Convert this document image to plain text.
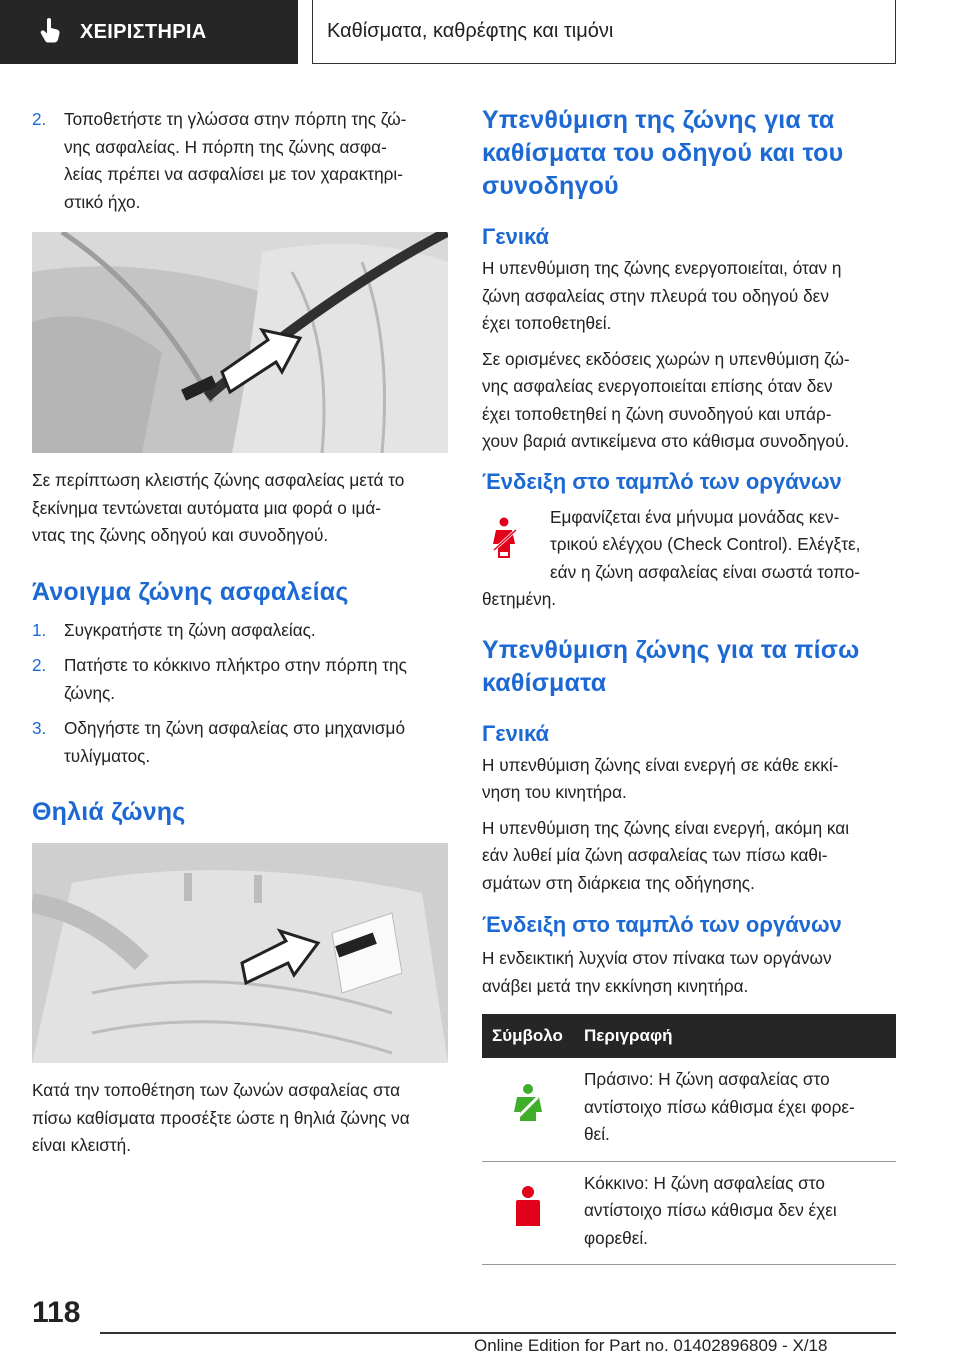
ΧΕΙΡΙΣΤΗΡΙΑ	Καθίσματα, καθρέφτης και τιμόνι
2.	Τοποθετήστε τη γλώσσα στην πόρπη της ζώ-
νης ασφαλείας. Η πόρπη της ζώνης ασφα-
λείας πρέπει να ασφαλίσει με τον χαρακτηρι-
στικό ήχο.

Σε περίπτωση κλειστής ζώνης ασφαλείας μετά το
ξεκίνημα τεντώνεται αυτόματα μια φορά ο ιμά-
ντας της ζώνης οδηγού και συνοδηγού.

Άνοιγμα ζώνης ασφαλείας
1.	Συγκρατήστε τη ζώνη ασφαλείας.
2.	Πατήστε το κόκκινο πλήκτρο στην πόρπη της
ζώνης.
3.	Οδηγήστε τη ζώνη ασφαλείας στο μηχανισμό
τυλίγματος.
Θηλιά ζώνης

Κατά την τοποθέτηση των ζωνών ασφαλείας στα
πίσω καθίσματα προσέξτε ώστε η θηλιά ζώνης να
είναι κλειστή.

Υπενθύμιση της ζώνης για τα
καθίσματα του οδηγού και του
συνοδηγού
Γενικά

Η υπενθύμιση της ζώνης ενεργοποιείται, όταν η
ζώνη ασφαλείας στην πλευρά του οδηγού δεν
έχει τοποθετηθεί.

Σε ορισμένες εκδόσεις χωρών η υπενθύμιση ζώ-
νης ασφαλείας ενεργοποιείται επίσης όταν δεν
έχει τοποθετηθεί η ζώνη συνοδηγού και υπάρ-
χουν βαριά αντικείμενα στο κάθισμα συνοδηγού.

Ένδειξη στο ταμπλό των οργάνων

Εμφανίζεται ένα μήνυμα μονάδας κεν-
τρικού ελέγχου (Check Control). Ελέγξτε,
εάν η ζώνη ασφαλείας είναι σωστά τοπο-

θετημένη.

Υπενθύμιση ζώνης για τα πίσω
καθίσματα
Γενικά

Η υπενθύμιση ζώνης είναι ενεργή σε κάθε εκκί-
νηση του κινητήρα.

Η υπενθύμιση της ζώνης είναι ενεργή, ακόμη και
εάν λυθεί μία ζώνη ασφαλείας των πίσω καθι-
σμάτων στη διάρκεια της οδήγησης.

Ένδειξη στο ταμπλό των οργάνων

Η ενδεικτική λυχνία στον πίνακα των οργάνων
ανάβει μετά την εκκίνηση κινητήρα.

Σύμβολο	Περιγραφή
	Πράσινο: Η ζώνη ασφαλείας στο
αντίστοιχο πίσω κάθισμα έχει φορε-
θεί.
	Κόκκινο: Η ζώνη ασφαλείας στο
αντίστοιχο πίσω κάθισμα δεν έχει
φορεθεί.
118
Online Edition for Part no. 01402896809 - X/18
